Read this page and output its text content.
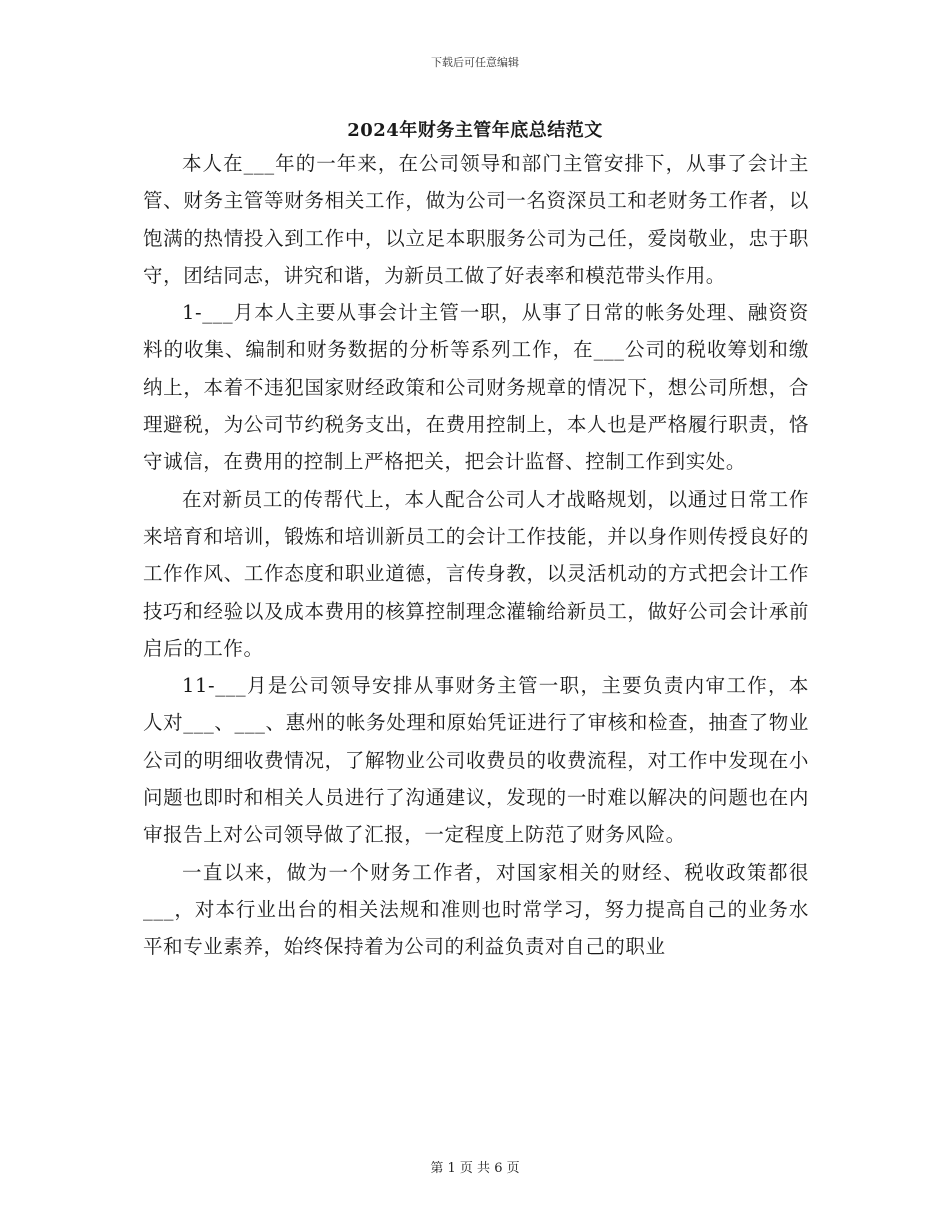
下载后可任意编辑
2024年财务主管年底总结范文

本人在___年的一年来，在公司领导和部门主管安排下，从事了会计主管、财务主管等财务相关工作，做为公司一名资深员工和老财务工作者，以饱满的热情投入到工作中，以立足本职服务公司为己任，爱岗敬业，忠于职守，团结同志，讲究和谐，为新员工做了好表率和模范带头作用。

1-___月本人主要从事会计主管一职，从事了日常的帐务处理、融资资料的收集、编制和财务数据的分析等系列工作，在___公司的税收筹划和缴纳上，本着不违犯国家财经政策和公司财务规章的情况下，想公司所想，合理避税，为公司节约税务支出，在费用控制上，本人也是严格履行职责，恪守诚信，在费用的控制上严格把关，把会计监督、控制工作到实处。

在对新员工的传帮代上，本人配合公司人才战略规划，以通过日常工作来培育和培训，锻炼和培训新员工的会计工作技能，并以身作则传授良好的工作作风、工作态度和职业道德，言传身教，以灵活机动的方式把会计工作技巧和经验以及成本费用的核算控制理念灌输给新员工，做好公司会计承前启后的工作。

11-___月是公司领导安排从事财务主管一职，主要负责内审工作，本人对___、___、惠州的帐务处理和原始凭证进行了审核和检查，抽查了物业公司的明细收费情况，了解物业公司收费员的收费流程，对工作中发现在小问题也即时和相关人员进行了沟通建议，发现的一时难以解决的问题也在内审报告上对公司领导做了汇报，一定程度上防范了财务风险。

一直以来，做为一个财务工作者，对国家相关的财经、税收政策都很___，对本行业出台的相关法规和准则也时常学习，努力提高自己的业务水平和专业素养，始终保持着为公司的利益负责对自己的职业

第 1 页 共 6 页
